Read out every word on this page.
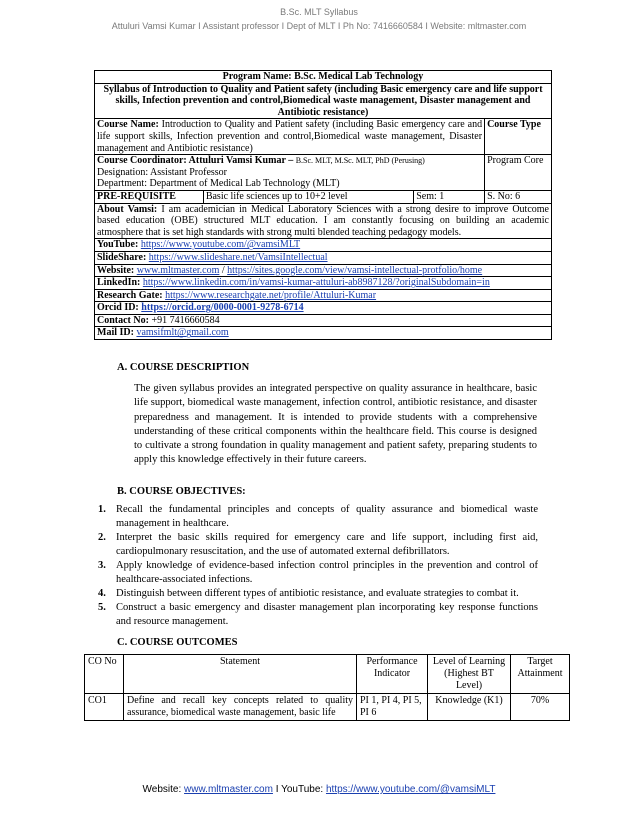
B.Sc. MLT Syllabus
Attuluri Vamsi Kumar I Assistant professor I Dept of MLT I Ph No: 7416660584 I Website: mltmaster.com
Program Name: B.Sc. Medical Lab Technology			
Syllabus of Introduction to Quality and Patient safety (including Basic emergency care and life support skills, Infection prevention and control,Biomedical waste management, Disaster management and Antibiotic resistance)			
Course Name: Introduction to Quality and Patient safety (including Basic emergency care and life support skills, Infection prevention and control,Biomedical waste management, Disaster management and Antibiotic resistance)			Course Type
Course Coordinator: Attuluri Vamsi Kumar – B.Sc. MLT, M.Sc. MLT, PhD (Perusing)
Designation: Assistant Professor
Department: Department of Medical Lab Technology (MLT)			Program Core
PRE-REQUISITE	Basic life sciences up to 10+2 level	Sem: 1	S. No: 6
About Vamsi: I am academician in Medical Laboratory Sciences with a strong desire to improve Outcome based education (OBE) structured MLT education. I am constantly focusing on building an academic atmosphere that is set high standards with strong multi blended teaching pedagogy models.			
YouTube: https://www.youtube.com/@vamsiMLT			
SlideShare: https://www.slideshare.net/VamsiIntellectual			
Website: www.mltmaster.com / https://sites.google.com/view/vamsi-intellectual-protfolio/home			
LinkedIn: https://www.linkedin.com/in/vamsi-kumar-attuluri-ab8987128/?originalSubdomain=in			
Research Gate: https://www.researchgate.net/profile/Attuluri-Kumar			
Orcid ID: https://orcid.org/0000-0001-9278-6714			
Contact No: +91 7416660584			
Mail ID: vamsifmlt@gmail.com			
A. COURSE DESCRIPTION
The given syllabus provides an integrated perspective on quality assurance in healthcare, basic life support, biomedical waste management, infection control, antibiotic resistance, and disaster preparedness and management. It is intended to provide students with a comprehensive understanding of these critical components within the healthcare field. This course is designed to cultivate a strong foundation in quality management and patient safety, preparing students to apply this knowledge effectively in their future careers.
B. COURSE OBJECTIVES:
1. Recall the fundamental principles and concepts of quality assurance and biomedical waste management in healthcare.
2. Interpret the basic skills required for emergency care and life support, including first aid, cardiopulmonary resuscitation, and the use of automated external defibrillators.
3. Apply knowledge of evidence-based infection control principles in the prevention and control of healthcare-associated infections.
4. Distinguish between different types of antibiotic resistance, and evaluate strategies to combat it.
5. Construct a basic emergency and disaster management plan incorporating key response functions and resource management.
C. COURSE OUTCOMES
CO No	Statement	Performance Indicator	Level of Learning (Highest BT Level)	Target Attainment
CO1	Define and recall key concepts related to quality assurance, biomedical waste management, basic life	PI 1, PI 4, PI 5, PI 6	Knowledge (K1)	70%
Website: www.mltmaster.com I YouTube: https://www.youtube.com/@vamsiMLT
